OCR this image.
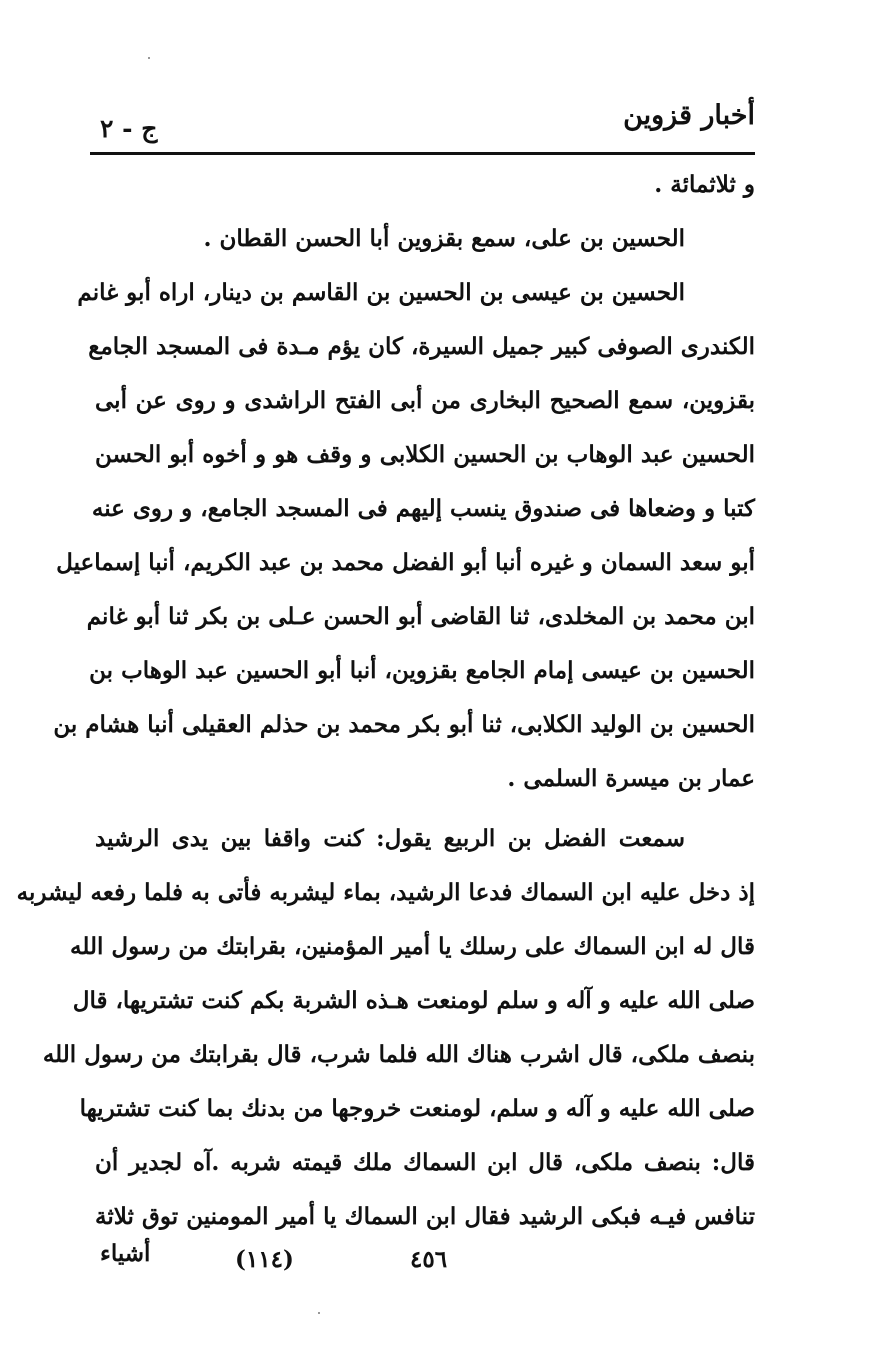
أخبار قزوين
ج - ٢
و ثلاثمائة .
الحسين بن على، سمع بقزوين أبا الحسن القطان .
الحسين بن عيسى بن الحسين بن القاسم بن دينار، اراه أبو غانم
الكندرى الصوفى كبير جميل السيرة، كان يؤم مـدة فى المسجد الجامع
بقزوين، سمع الصحيح البخارى من أبى الفتح الراشدى و روى عن أبى
الحسين عبد الوهاب بن الحسين الكلابى و وقف هو و أخوه أبو الحسن
كتبا و وضعاها فى صندوق ينسب إليهم فى المسجد الجامع، و روى عنه
أبو سعد السمان و غيره أنبا أبو الفضل محمد بن عبد الكريم، أنبا إسماعيل
ابن محمد بن المخلدى، ثنا القاضى أبو الحسن عـلى بن بكر ثنا أبو غانم
الحسين بن عيسى إمام الجامع بقزوين، أنبا أبو الحسين عبد الوهاب بن
الحسين بن الوليد الكلابى، ثنا أبو بكر محمد بن حذلم العقيلى أنبا هشام بن
عمار بن ميسرة السلمى .
سمعت الفضل بن الربيع يقول: كنت واقفا بين يدى الرشيد
إذ دخل عليه ابن السماك فدعا الرشيد، بماء ليشربه فأتى به فلما رفعه ليشربه
قال له ابن السماك على رسلك يا أمير المؤمنين، بقرابتك من رسول الله
صلى الله عليه و آله و سلم لومنعت هـذه الشربة بكم كنت تشتريها، قال
بنصف ملكى، قال اشرب هناك الله فلما شرب، قال بقرابتك من رسول الله
صلى الله عليه و آله و سلم، لومنعت خروجها من بدنك بما كنت تشتريها
قال: بنصف ملكى، قال ابن السماك ملك قيمته شربه .آه لجدير أن
تنافس فيـه فبكى الرشيد فقال ابن السماك يا أمير المومنين توق ثلاثة
أشياء	(١١٤)	٤٥٦
